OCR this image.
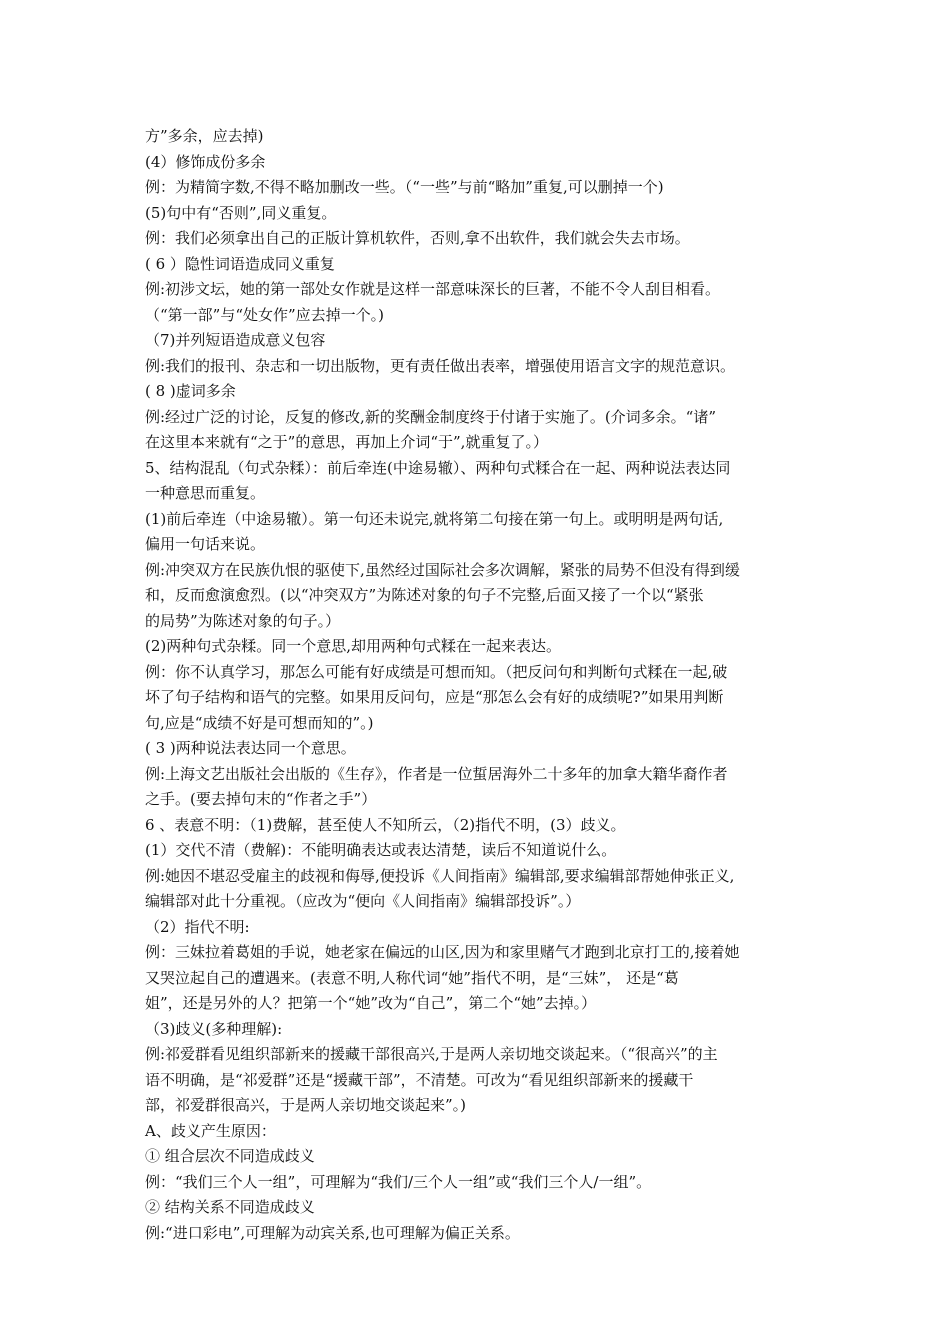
方”多余，应去掉)
(4）修饰成份多余
例：为精简字数,不得不略加删改一些。（“一些”与前“略加”重复,可以删掉一个)
(5)句中有“否则”,同义重复。
例：我们必须拿出自己的正版计算机软件，否则,拿不出软件，我们就会失去市场。
( 6 ）隐性词语造成同义重复
例:初涉文坛，她的第一部处女作就是这样一部意味深长的巨著，不能不令人刮目相看。
（“第一部”与“处女作”应去掉一个。)
（7)并列短语造成意义包容
例:我们的报刊、杂志和一切出版物，更有责任做出表率，增强使用语言文字的规范意识。
( 8 )虚词多余
例:经过广泛的讨论，反复的修改,新的奖酬金制度终于付诸于实施了。(介词多余。“诸”
在这里本来就有“之于”的意思，再加上介词“于”,就重复了。）
5、结构混乱（句式杂糅）：前后牵连(中途易辙）、两种句式糅合在一起、两种说法表达同
一种意思而重复。
(1)前后牵连（中途易辙）。第一句还未说完,就将第二句接在第一句上。或明明是两句话,
偏用一句话来说。
例:冲突双方在民族仇恨的驱使下,虽然经过国际社会多次调解，紧张的局势不但没有得到缓
和，反而愈演愈烈。(以“冲突双方”为陈述对象的句子不完整,后面又接了一个以“紧张
的局势”为陈述对象的句子。）
(2)两种句式杂糅。同一个意思,却用两种句式糅在一起来表达。
例：你不认真学习，那怎么可能有好成绩是可想而知。（把反问句和判断句式糅在一起,破
坏了句子结构和语气的完整。如果用反问句，应是“那怎么会有好的成绩呢?”如果用判断
句,应是“成绩不好是可想而知的”。)
( 3 )两种说法表达同一个意思。
例:上海文艺出版社会出版的《生存》，作者是一位蜇居海外二十多年的加拿大籍华裔作者
之手。(要去掉句末的“作者之手”）
6 、表意不明：（1)费解，甚至使人不知所云，（2)指代不明，(3）歧义。
(1）交代不清（费解)：不能明确表达或表达清楚，读后不知道说什么。
例:她因不堪忍受雇主的歧视和侮辱,便投诉《人间指南》编辑部,要求编辑部帮她伸张正义,
编辑部对此十分重视。（应改为“便向《人间指南》编辑部投诉”。）
（2）指代不明:
例：三妹拉着葛姐的手说，她老家在偏远的山区,因为和家里赌气才跑到北京打工的,接着她
又哭泣起自己的遭遇来。(表意不明,人称代词“她”指代不明，是“三妹”， 还是“葛
姐”，还是另外的人？把第一个“她”改为“自己”，第二个“她”去掉。）
（3)歧义(多种理解):
例:祁爱群看见组织部新来的援藏干部很高兴,于是两人亲切地交谈起来。（“很高兴”的主
语不明确，是“祁爱群”还是“援藏干部”，不清楚。可改为“看见组织部新来的援藏干
部，祁爱群很高兴，于是两人亲切地交谈起来”。)
A、歧义产生原因：
① 组合层次不同造成歧义
例：“我们三个人一组”，可理解为“我们/三个人一组”或“我们三个人/一组”。
② 结构关系不同造成歧义
例:“进口彩电”,可理解为动宾关系,也可理解为偏正关系。
